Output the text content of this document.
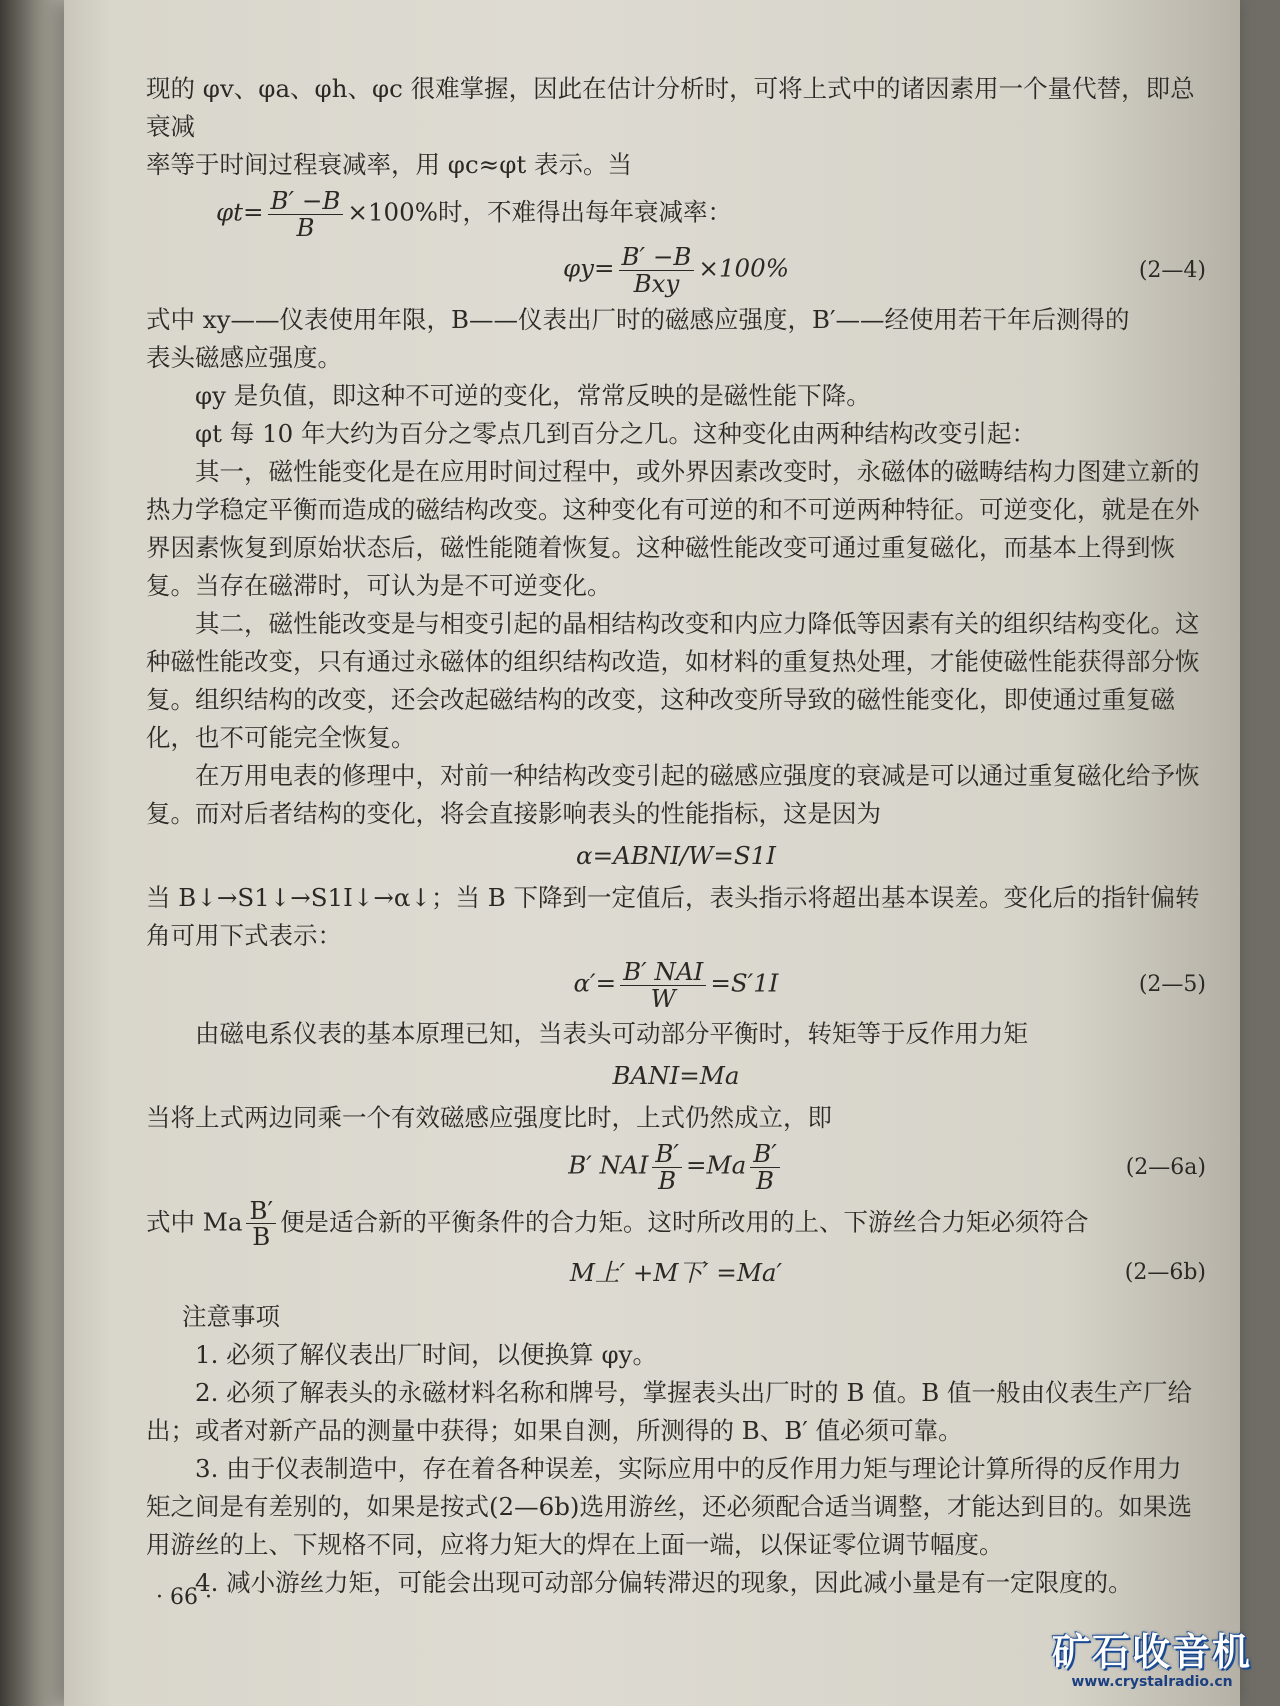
现的 φv、φa、φh、φc 很难掌握，因此在估计分析时，可将上式中的诸因素用一个量代替，即总衰减

率等于时间过程衰减率，用 φc≈φt 表示。当

$\varphi t= \frac{B' -B}{B} \times 100\%$时，不难得出每年衰减率：
$\varphi y= \frac{B' -B}{\text{Bxy}} \times 100\%$	(2—4)

式中 xy——仪表使用年限，B——仪表出厂时的磁感应强度，B′——经使用若干年后测得的

表头磁感应强度。

φy 是负值，即这种不可逆的变化，常常反映的是磁性能下降。

φt 每 10 年大约为百分之零点几到百分之几。这种变化由两种结构改变引起：

其一，磁性能变化是在应用时间过程中，或外界因素改变时，永磁体的磁畴结构力图建立新的热力学稳定平衡而造成的磁结构改变。这种变化有可逆的和不可逆两种特征。可逆变化，就是在外界因素恢复到原始状态后，磁性能随着恢复。这种磁性能改变可通过重复磁化，而基本上得到恢复。当存在磁滞时，可认为是不可逆变化。

其二，磁性能改变是与相变引起的晶相结构改变和内应力降低等因素有关的组织结构变化。这种磁性能改变，只有通过永磁体的组织结构改造，如材料的重复热处理，才能使磁性能获得部分恢复。组织结构的改变，还会改起磁结构的改变，这种改变所导致的磁性能变化，即使通过重复磁化，也不可能完全恢复。

在万用电表的修理中，对前一种结构改变引起的磁感应强度的衰减是可以通过重复磁化给予恢复。而对后者结构的变化，将会直接影响表头的性能指标，这是因为

α=ABNI/W=S1I

当 B↓→S1↓→S1I↓→α↓；当 B 下降到一定值后，表头指示将超出基本误差。变化后的指针偏转角可用下式表示：

$\alpha'= \frac{\text{B′ NAI}}{W} =S'1I$	(2—5)

由磁电系仪表的基本原理已知，当表头可动部分平衡时，转矩等于反作用力矩

BANI=Ma

当将上式两边同乘一个有效磁感应强度比时，上式仍然成立，即

B′ NAI $\frac{B'}{B} =Ma \frac{B'}{B}$	(2—6a)

式中 Ma $\frac{B'}{B}$ 便是适合新的平衡条件的合力矩。这时所改用的上、下游丝合力矩必须符合

M上′ +M下′ =Ma′	(2—6b)

注意事项

1. 必须了解仪表出厂时间，以便换算 φy。

2. 必须了解表头的永磁材料名称和牌号，掌握表头出厂时的 B 值。B 值一般由仪表生产厂给出；或者对新产品的测量中获得；如果自测，所测得的 B、B′ 值必须可靠。

3. 由于仪表制造中，存在着各种误差，实际应用中的反作用力矩与理论计算所得的反作用力矩之间是有差别的，如果是按式(2—6b)选用游丝，还必须配合适当调整，才能达到目的。如果选用游丝的上、下规格不同，应将力矩大的焊在上面一端，以保证零位调节幅度。

4. 减小游丝力矩，可能会出现可动部分偏转滞迟的现象，因此减小量是有一定限度的。

· 66 ·
矿石收音机
www.crystalradio.cn
